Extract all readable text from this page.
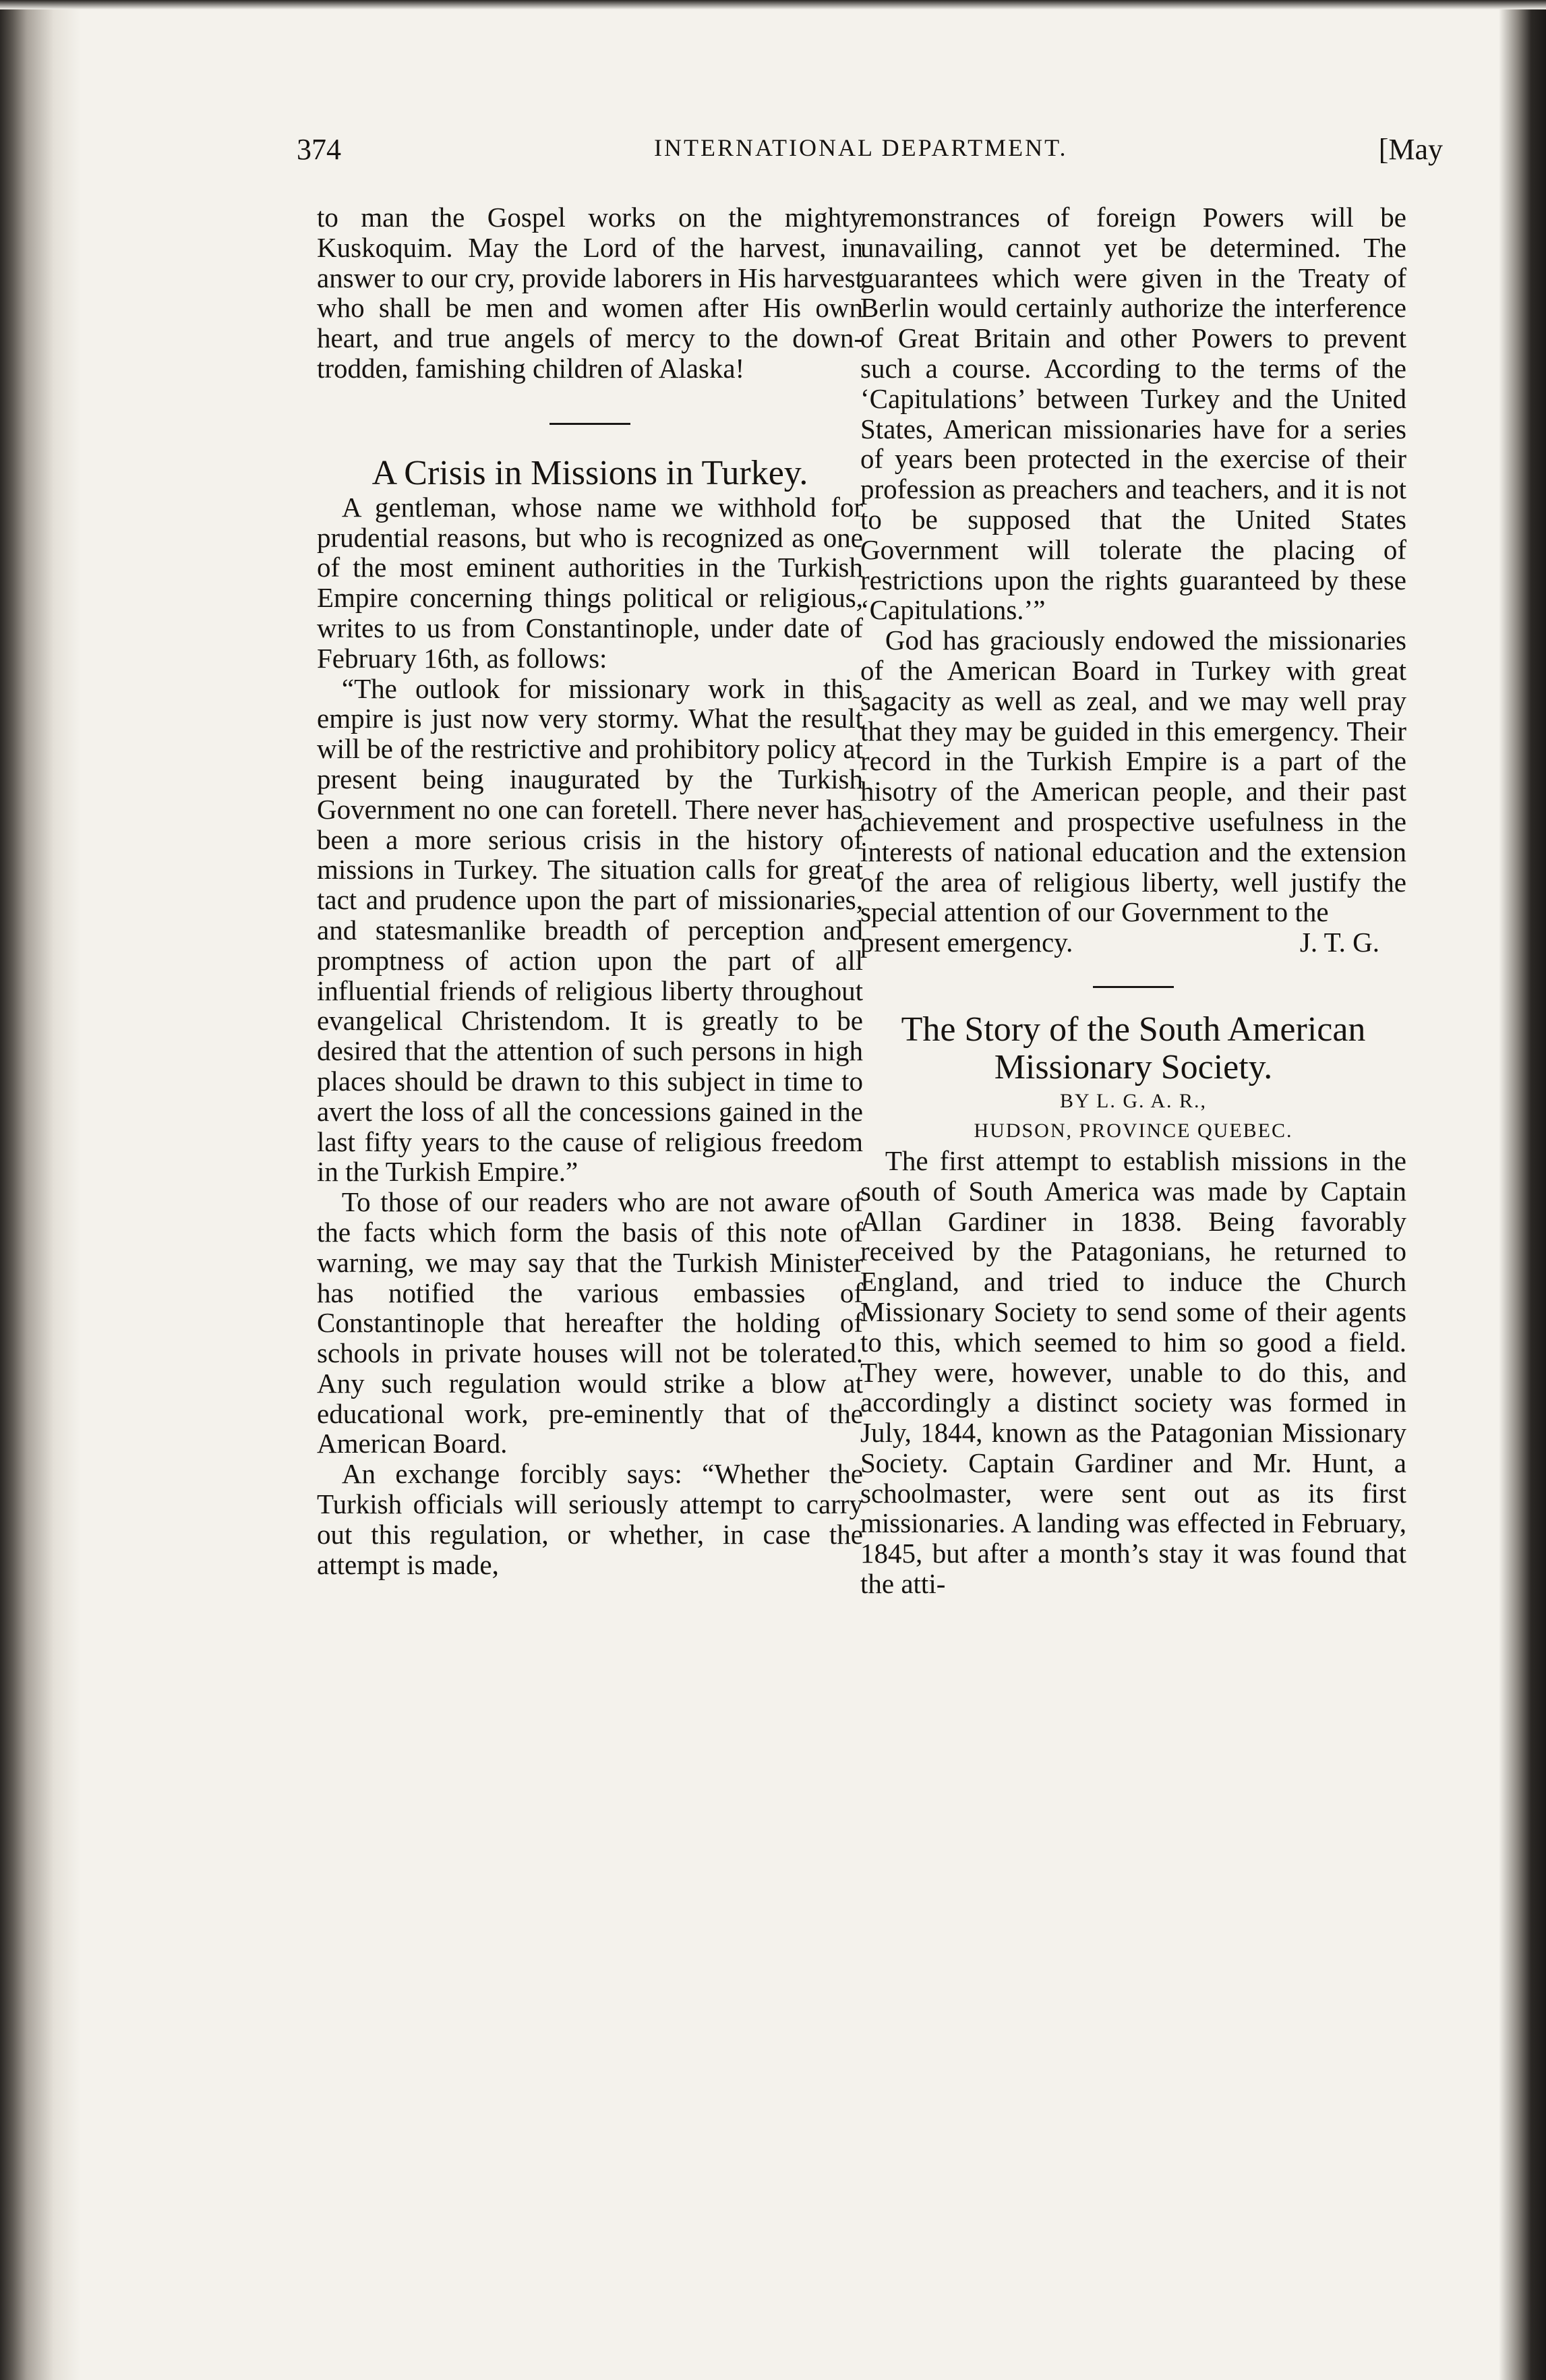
374	INTERNATIONAL DEPARTMENT.	[May

to man the Gospel works on the mighty Kuskoquim. May the Lord of the harvest, in answer to our cry, provide laborers in His harvest who shall be men and women after His own heart, and true angels of mercy to the down-trodden, famishing children of Alaska!

A Crisis in Missions in Turkey.

A gentleman, whose name we withhold for prudential reasons, but who is recognized as one of the most eminent authorities in the Turkish Empire concerning things political or religious, writes to us from Constantinople, under date of February 16th, as follows:

“The outlook for missionary work in this empire is just now very stormy. What the result will be of the restrictive and prohibitory policy at present being inaugurated by the Turkish Government no one can foretell. There never has been a more serious crisis in the history of missions in Turkey. The situation calls for great tact and prudence upon the part of missionaries, and statesmanlike breadth of perception and promptness of action upon the part of all influential friends of religious liberty throughout evangelical Christendom. It is greatly to be desired that the attention of such persons in high places should be drawn to this subject in time to avert the loss of all the concessions gained in the last fifty years to the cause of religious freedom in the Turkish Empire.”

To those of our readers who are not aware of the facts which form the basis of this note of warning, we may say that the Turkish Minister has notified the various embassies of Constantinople that hereafter the holding of schools in private houses will not be tolerated. Any such regulation would strike a blow at educational work, pre-eminently that of the American Board.

An exchange forcibly says: “Whether the Turkish officials will seriously attempt to carry out this regulation, or whether, in case the attempt is made,

remonstrances of foreign Powers will be unavailing, cannot yet be determined. The guarantees which were given in the Treaty of Berlin would certainly authorize the interference of Great Britain and other Powers to prevent such a course. According to the terms of the ‘Capitulations’ between Turkey and the United States, American missionaries have for a series of years been protected in the exercise of their profession as preachers and teachers, and it is not to be supposed that the United States Government will tolerate the placing of restrictions upon the rights guaranteed by these ‘Capitulations.’”

God has graciously endowed the missionaries of the American Board in Turkey with great sagacity as well as zeal, and we may well pray that they may be guided in this emergency. Their record in the Turkish Empire is a part of the hisotry of the American people, and their past achievement and prospective usefulness in the interests of national education and the extension of the area of religious liberty, well justify the special attention of our Government to the

present emergency.	J. T. G.

The Story of the South American Missionary Society.

BY L. G. A. R.,

HUDSON, PROVINCE QUEBEC.

The first attempt to establish missions in the south of South America was made by Captain Allan Gardiner in 1838. Being favorably received by the Patagonians, he returned to England, and tried to induce the Church Missionary Society to send some of their agents to this, which seemed to him so good a field. They were, however, unable to do this, and accordingly a distinct society was formed in July, 1844, known as the Patagonian Missionary Society. Captain Gardiner and Mr. Hunt, a schoolmaster, were sent out as its first missionaries. A landing was effected in February, 1845, but after a month’s stay it was found that the atti-
